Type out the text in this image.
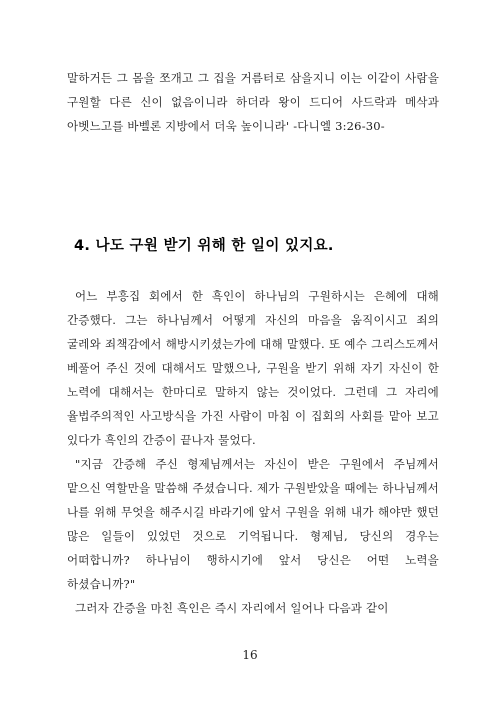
말하거든 그 몸을 쪼개고 그 집을 거름터로 삼을지니 이는 이같이 사람을 구원할 다른 신이 없음이니라 하더라 왕이 드디어 사드락과 메삭과 아벳느고를 바벨론 지방에서 더욱 높이니라' -다니엘 3:26-30-

4. 나도 구원 받기 위해 한 일이 있지요.

어느 부흥집 회에서 한 흑인이 하나님의 구원하시는 은혜에 대해 간증했다. 그는 하나님께서 어떻게 자신의 마음을 움직이시고 죄의 굴레와 죄책감에서 해방시키셨는가에 대해 말했다. 또 예수 그리스도께서 베풀어 주신 것에 대해서도 말했으나, 구원을 받기 위해 자기 자신이 한 노력에 대해서는 한마디로 말하지 않는 것이었다. 그런데 그 자리에 율법주의적인 사고방식을 가진 사람이 마침 이 집회의 사회를 맡아 보고 있다가 흑인의 간증이 끝나자 물었다.

"지금 간증해 주신 형제님께서는 자신이 받은 구원에서 주님께서 맡으신 역할만을 말씀해 주셨습니다. 제가 구원받았을 때에는 하나님께서 나를 위해 무엇을 해주시길 바라기에 앞서 구원을 위해 내가 해야만 했던 많은 일들이 있었던 것으로 기억됩니다. 형제님, 당신의 경우는 어떠합니까? 하나님이 행하시기에 앞서 당신은 어떤 노력을 하셨습니까?"

그러자 간증을 마친 흑인은 즉시 자리에서 일어나 다음과 같이

16
